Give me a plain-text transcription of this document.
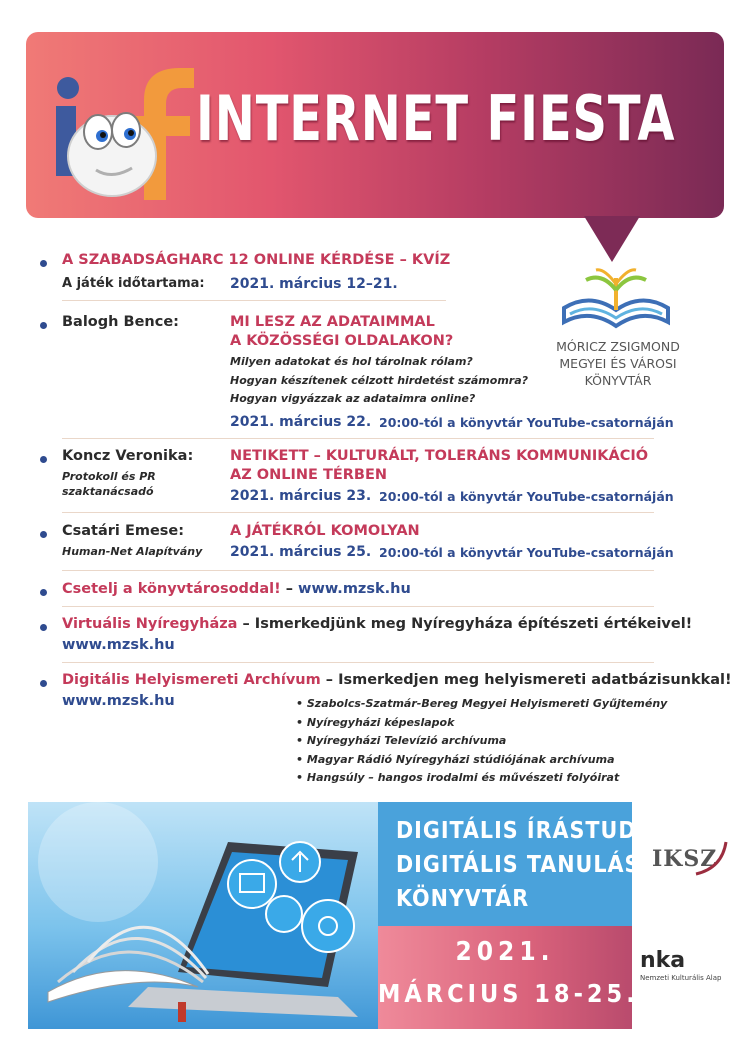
INTERNET FIESTA
MÓRICZ ZSIGMOND
MEGYEI ÉS VÁROSI
KÖNYVTÁR
A SZABADSÁGHARC 12 ONLINE KÉRDÉSE – KVÍZ
A játék időtartama: 2021. március 12–21.
Balogh Bence:	MI LESZ AZ ADATAIMMAL
A KÖZÖSSÉGI OLDALAKON?
Milyen adatokat és hol tárolnak rólam?
Hogyan készítenek célzott hirdetést számomra?
Hogyan vigyázzak az adataimra online?
2021. március 22. 20:00-tól a könyvtár YouTube-csatornáján
Koncz Veronika:
Protokoll és PR
szaktanácsadó
NETIKETT – KULTURÁLT, TOLERÁNS KOMMUNIKÁCIÓ
AZ ONLINE TÉRBEN
2021. március 23. 20:00-tól a könyvtár YouTube-csatornáján
Csatári Emese:
Human-Net Alapítvány
A JÁTÉKRÓL KOMOLYAN
2021. március 25. 20:00-tól a könyvtár YouTube-csatornáján
Csetelj a könyvtárosoddal! – www.mzsk.hu
Virtuális Nyíregyháza – Ismerkedjünk meg Nyíregyháza építészeti értékeivel!
www.mzsk.hu
Digitális Helyismereti Archívum – Ismerkedjen meg helyismereti adatbázisunkkal!
www.mzsk.hu	• Szabolcs-Szatmár-Bereg Megyei Helyismereti Gyűjtemény
• Nyíregyházi képeslapok
• Nyíregyházi Televízió archívuma
• Magyar Rádió Nyíregyházi stúdiójának archívuma
• Hangsúly – hangos irodalmi és művészeti folyóirat
DIGITÁLIS ÍRÁSTUDÁS
DIGITÁLIS TANULÁS
KÖNYVTÁR
2021.
MÁRCIUS 18-25.
IKSZ
nka
Nemzeti Kulturális Alap
